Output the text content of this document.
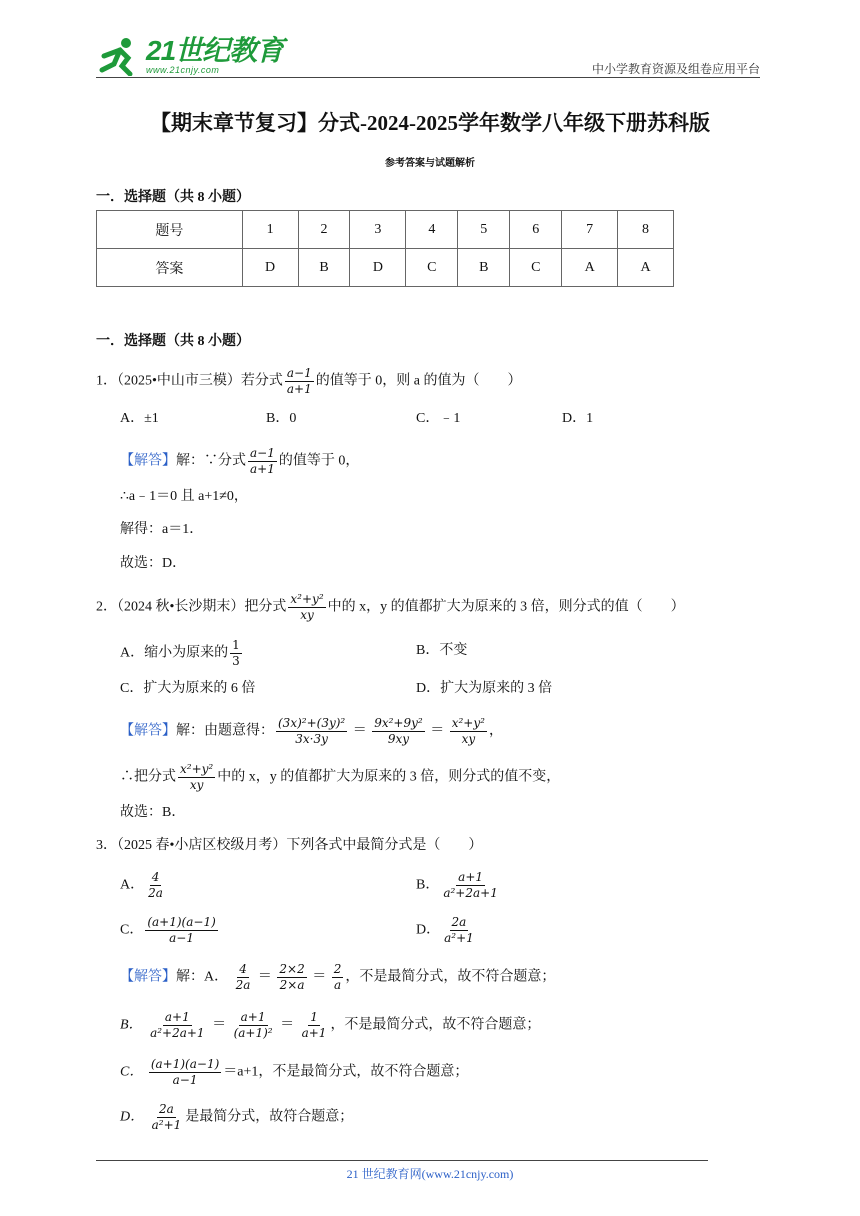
21世纪教育
www.21cnjy.com	中小学教育资源及组卷应用平台
【期末章节复习】分式-2024-2025学年数学八年级下册苏科版
参考答案与试题解析
一．选择题（共 8 小题）
题号	1	2	3	4	5	6	7	8
答案	D	B	D	C	B	C	A	A
一．选择题（共 8 小题）
1．（2025•中山市三模）若分式 $\frac{a-1}{a+1}$ 的值等于 0，则 a 的值为（　　）
A．±1	B．0	C．﹣1	D．1
【解答】解：∵分式 $\frac{a-1}{a+1}$ 的值等于 0，
∴a﹣1＝0 且 a+1≠0，
解得：a＝1．
故选：D．
2．（2024 秋•长沙期末）把分式 $\frac{\text{x²+y²}}{xy}$ 中的 x，y 的值都扩大为原来的 3 倍，则分式的值（　　）
A．缩小为原来的 $\frac{1}{3}$	B．不变
C．扩大为原来的 6 倍	D．扩大为原来的 3 倍
【解答】解：由题意得： $\frac{\text{(3x)²+(3y)²}}{3x\cdot 3y} = \frac{\text{9x²+9y²}}{9xy} = \frac{\text{x²+y²}}{xy}$ ，
∴把分式 $\frac{\text{x²+y²}}{xy}$ 中的 x，y 的值都扩大为原来的 3 倍，则分式的值不变，
故选：B．
3．（2025 春•小店区校级月考）下列各式中最简分式是（　　）
A． $\frac{4}{2a}$	B． $\frac{a+1}{\text{a²+2a+1}}$
C． $\frac{(a+1)(a-1)}{a-1}$	D． $\frac{2a}{\text{a²+1}}$
【解答】解：A． $\frac{4}{2a} = \frac{2\times 2}{2\times a} = \frac{2}{a}$ ，不是最简分式，故不符合题意；
B． $\frac{a+1}{\text{a²+2a+1}} = \frac{a+1}{\text{(a+1)²}} = \frac{1}{a+1}$ ，不是最简分式，故不符合题意；
C． $\frac{(a+1)(a-1)}{a-1} =a+1$，不是最简分式，故不符合题意；
D． $\frac{2a}{\text{a²+1}}$ 是最简分式，故符合题意；
21 世纪教育网(www.21cnjy.com)
